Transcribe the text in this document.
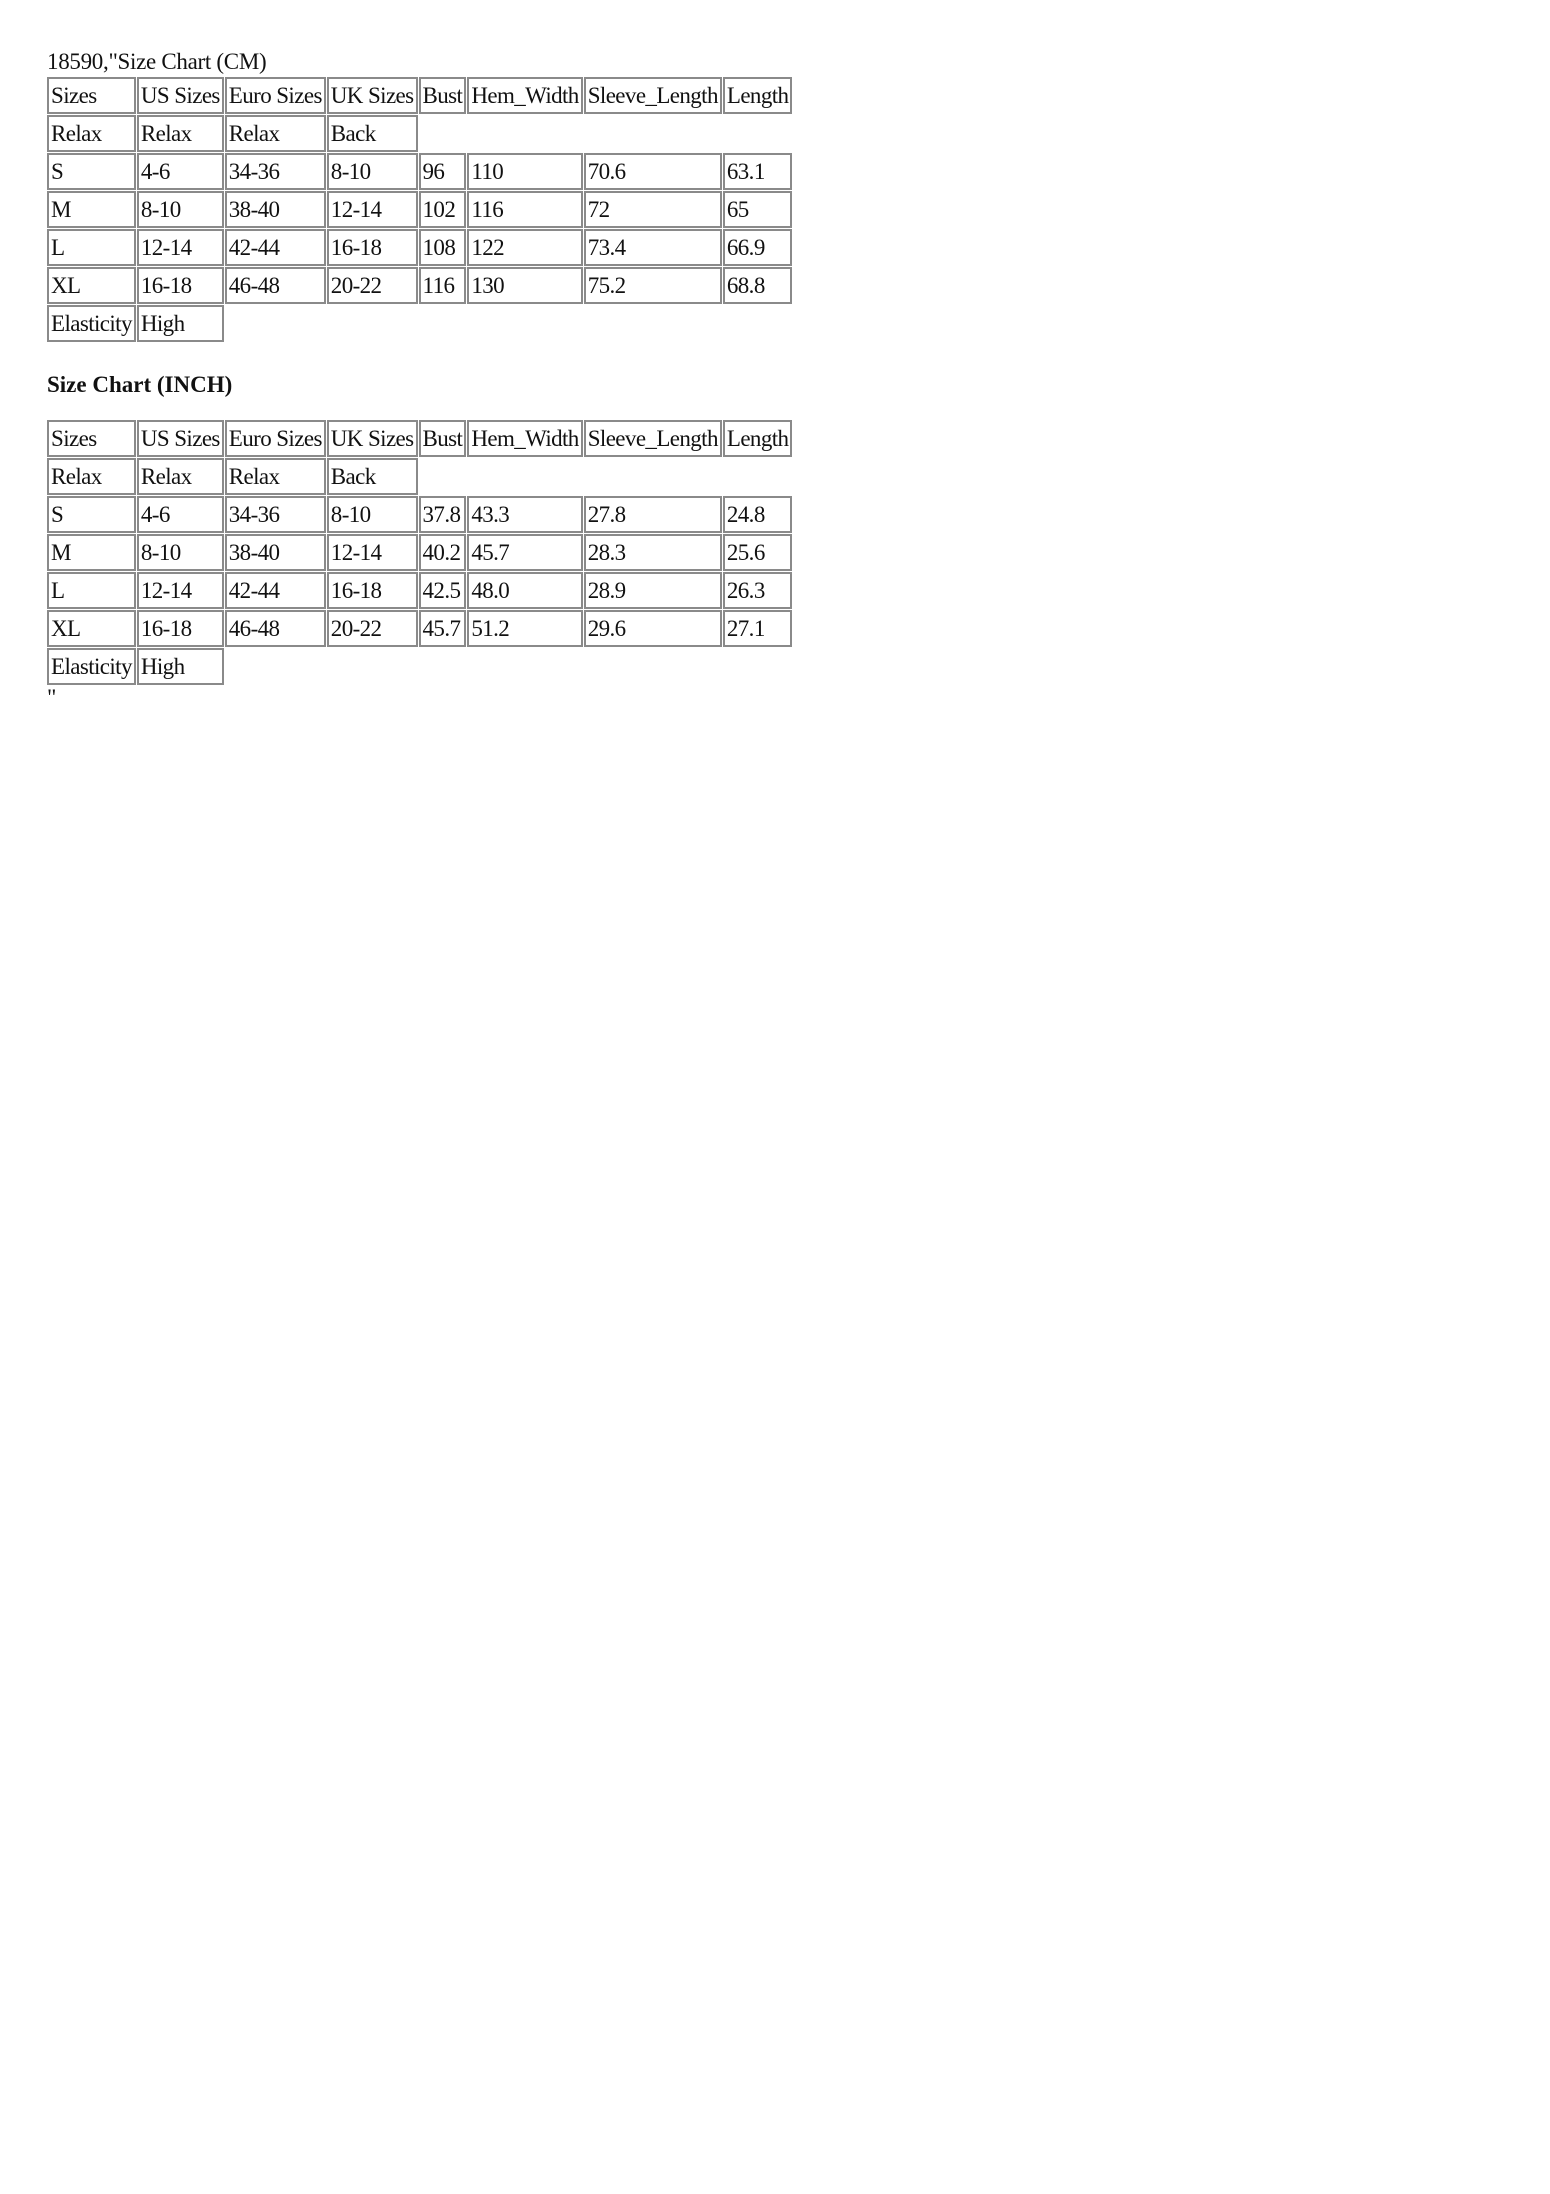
18590,"Size Chart (CM)
Sizes	US Sizes	Euro Sizes	UK Sizes	Bust	Hem_Width	Sleeve_Length	Length
Relax	Relax	Relax	Back				
S	4-6	34-36	8-10	96	110	70.6	63.1
M	8-10	38-40	12-14	102	116	72	65
L	12-14	42-44	16-18	108	122	73.4	66.9
XL	16-18	46-48	20-22	116	130	75.2	68.8
Elasticity	High						
Size Chart (INCH)
Sizes	US Sizes	Euro Sizes	UK Sizes	Bust	Hem_Width	Sleeve_Length	Length
Relax	Relax	Relax	Back				
S	4-6	34-36	8-10	37.8	43.3	27.8	24.8
M	8-10	38-40	12-14	40.2	45.7	28.3	25.6
L	12-14	42-44	16-18	42.5	48.0	28.9	26.3
XL	16-18	46-48	20-22	45.7	51.2	29.6	27.1
Elasticity	High						
"
